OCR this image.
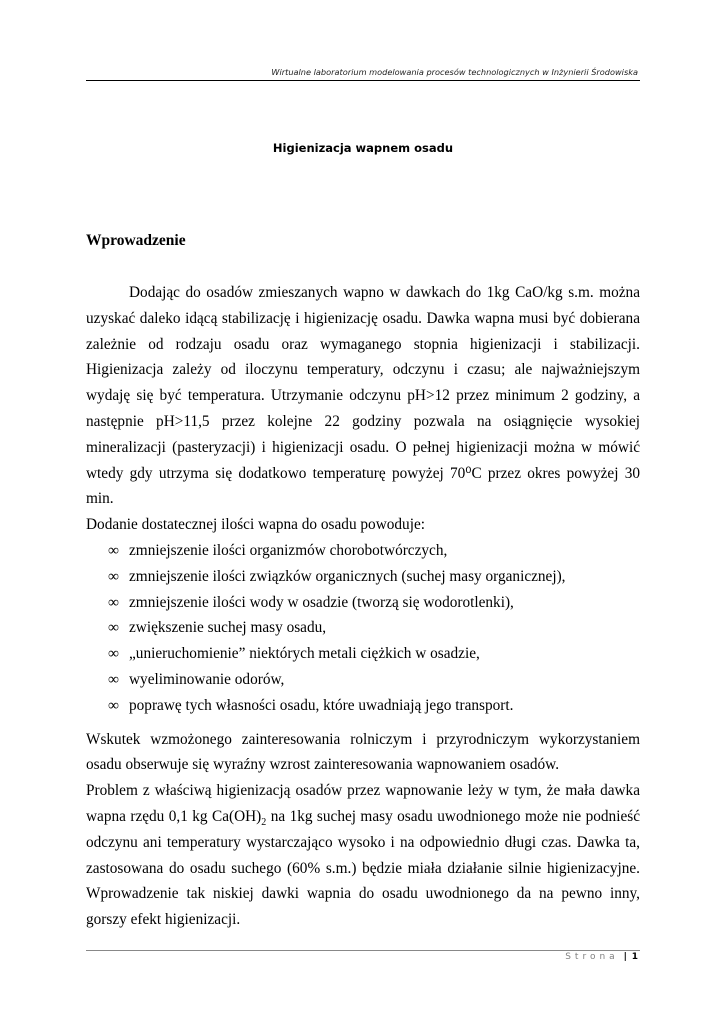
Wirtualne laboratorium modelowania procesów technologicznych w Inżynierii Środowiska
Higienizacja wapnem osadu
Wprowadzenie

Dodając do osadów zmieszanych wapno w dawkach do 1kg CaO/kg s.m. można uzyskać daleko idącą stabilizację i higienizację osadu. Dawka wapna musi być dobierana zależnie od rodzaju osadu oraz wymaganego stopnia higienizacji i stabilizacji. Higienizacja zależy od iloczynu temperatury, odczynu i czasu; ale najważniejszym wydaję się być temperatura. Utrzymanie odczynu pH>12 przez minimum 2 godziny, a następnie pH>11,5 przez kolejne 22 godziny pozwala na osiągnięcie wysokiej mineralizacji (pasteryzacji) i higienizacji osadu. O pełnej higienizacji można w mówić wtedy gdy utrzyma się dodatkowo temperaturę powyżej 70⁰C przez okres powyżej 30 min.

Dodanie dostatecznej ilości wapna do osadu powoduje:

∞ zmniejszenie ilości organizmów chorobotwórczych,
∞ zmniejszenie ilości związków organicznych (suchej masy organicznej),
∞ zmniejszenie ilości wody w osadzie (tworzą się wodorotlenki),
∞ zwiększenie suchej masy osadu,
∞ „unieruchomienie” niektórych metali ciężkich w osadzie,
∞ wyeliminowanie odorów,
∞ poprawę tych własności osadu, które uwadniają jego transport.

Wskutek wzmożonego zainteresowania rolniczym i przyrodniczym wykorzystaniem osadu obserwuje się wyraźny wzrost zainteresowania wapnowaniem osadów.

Problem z właściwą higienizacją osadów przez wapnowanie leży w tym, że mała dawka wapna rzędu 0,1 kg $Ca(OH)_2$ na 1kg suchej masy osadu uwodnionego może nie podnieść odczynu ani temperatury wystarczająco wysoko i na odpowiednio długi czas. Dawka ta, zastosowana do osadu suchego (60% s.m.) będzie miała działanie silnie higienizacyjne. Wprowadzenie tak niskiej dawki wapnia do osadu uwodnionego da na pewno inny, gorszy efekt higienizacji.

Strona | 1
